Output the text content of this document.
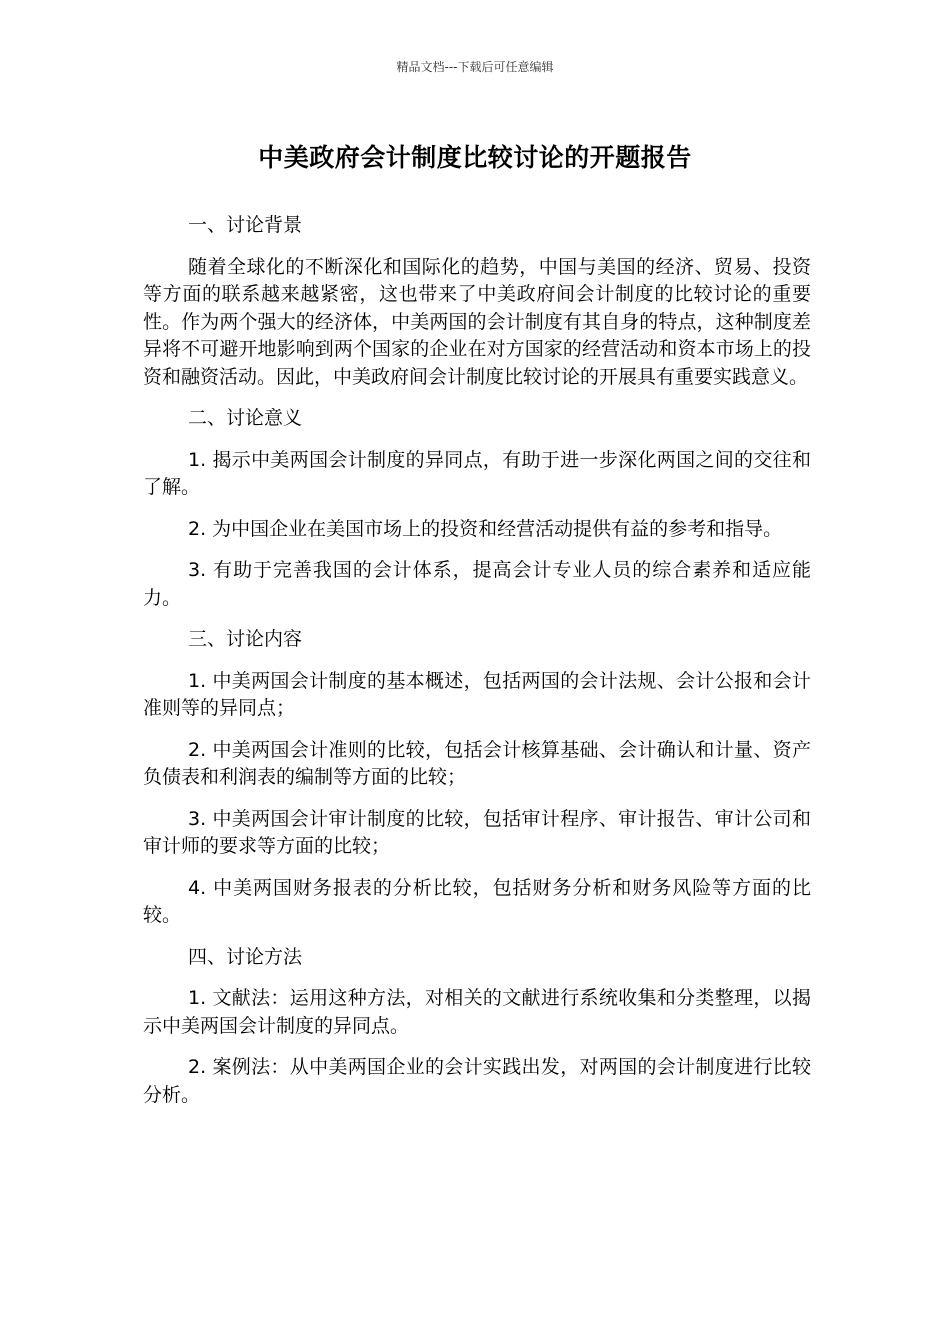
精品文档---下载后可任意编辑
中美政府会计制度比较讨论的开题报告
一、讨论背景
随着全球化的不断深化和国际化的趋势，中国与美国的经济、贸易、投资等方面的联系越来越紧密，这也带来了中美政府间会计制度的比较讨论的重要性。作为两个强大的经济体，中美两国的会计制度有其自身的特点，这种制度差异将不可避开地影响到两个国家的企业在对方国家的经营活动和资本市场上的投资和融资活动。因此，中美政府间会计制度比较讨论的开展具有重要实践意义。
二、讨论意义
1. 揭示中美两国会计制度的异同点，有助于进一步深化两国之间的交往和了解。
2. 为中国企业在美国市场上的投资和经营活动提供有益的参考和指导。
3. 有助于完善我国的会计体系，提高会计专业人员的综合素养和适应能力。
三、讨论内容
1. 中美两国会计制度的基本概述，包括两国的会计法规、会计公报和会计准则等的异同点；
2. 中美两国会计准则的比较，包括会计核算基础、会计确认和计量、资产负债表和利润表的编制等方面的比较；
3. 中美两国会计审计制度的比较，包括审计程序、审计报告、审计公司和审计师的要求等方面的比较；
4. 中美两国财务报表的分析比较，包括财务分析和财务风险等方面的比较。
四、讨论方法
1. 文献法：运用这种方法，对相关的文献进行系统收集和分类整理，以揭示中美两国会计制度的异同点。
2. 案例法：从中美两国企业的会计实践出发，对两国的会计制度进行比较分析。
